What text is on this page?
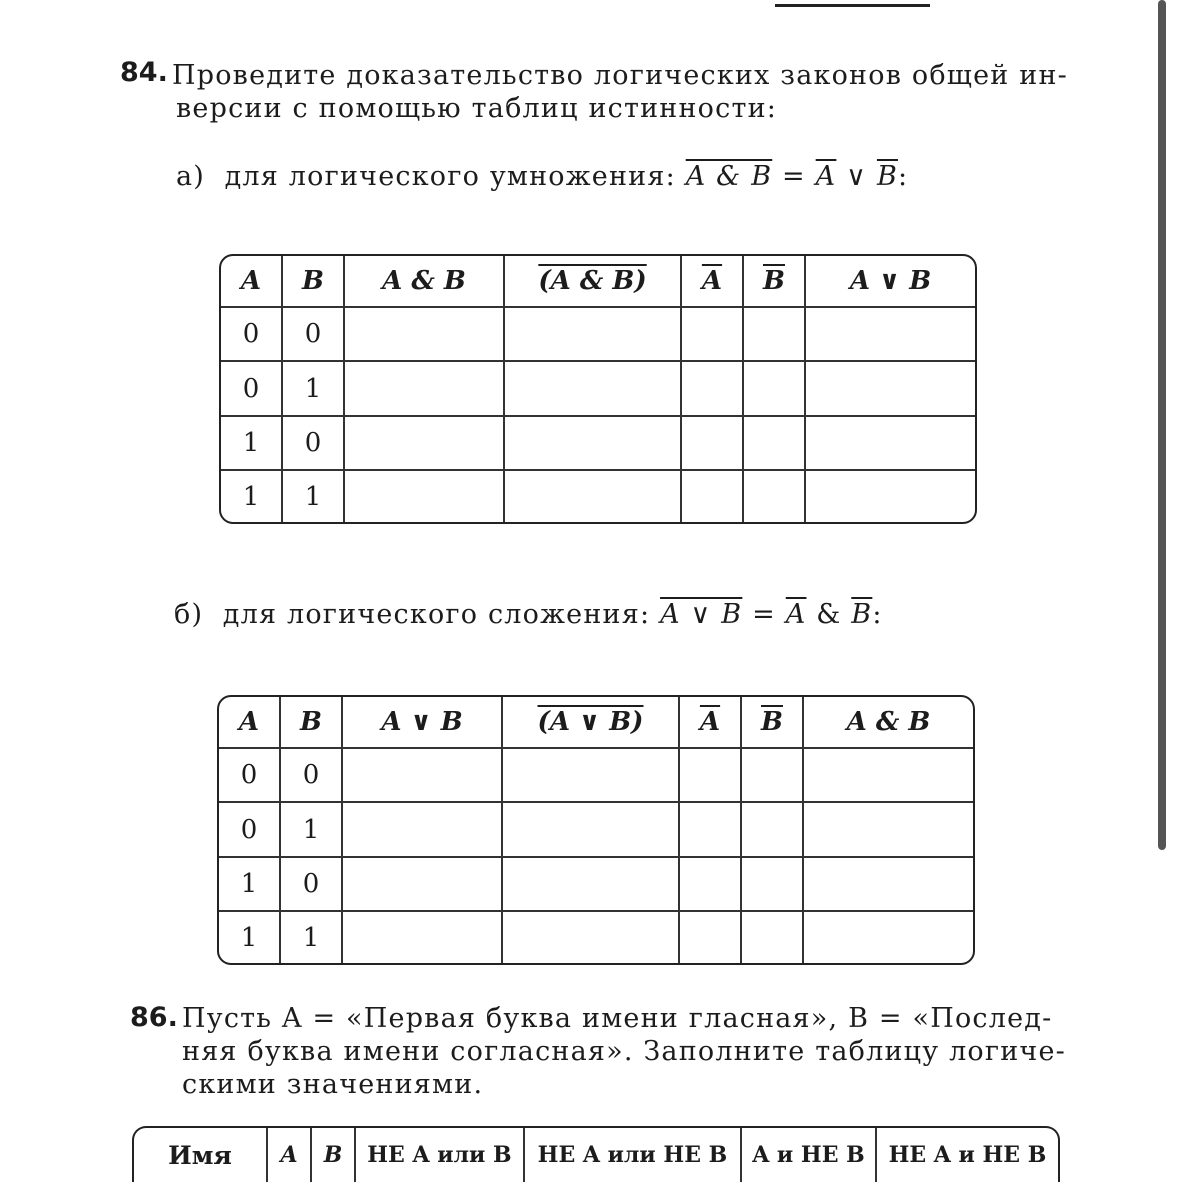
84. Проведите доказательство логических законов общей ин-
версии с помощью таблиц истинности:
а) для логического умножения: A & $B = \overline{A}$ ∨ $\overline{B}$:
A	B	A & B	(A & B)	$\overline{A}$	$\overline{B}$	A ∨ B
0	0					
0	1					
1	0					
1	1					
б) для логического сложения: A ∨ $B = \overline{A}$ & $\overline{B}$:
A	B	A ∨ B	(A ∨ B)	$\overline{A}$	$\overline{B}$	A & B
0	0					
0	1					
1	0					
1	1					
86. Пусть A = «Первая буква имени гласная», B = «Послед-
няя буква имени согласная». Заполните таблицу логиче-
скими значениями.
Имя	A	B	НЕ A или B	НЕ A или НЕ B	A и НЕ B	НЕ A и НЕ B
